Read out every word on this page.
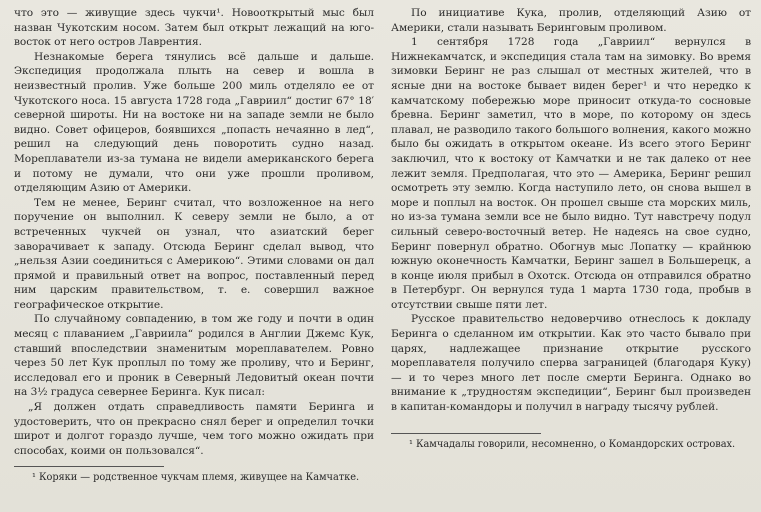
что это — живущие здесь чукчи¹. Новооткрытый мыс был назван Чукотским носом. Затем был открыт лежащий на юго-восток от него остров Лаврентия.

Незнакомые берега тянулись всё дальше и дальше. Экспедиция продолжала плыть на север и вошла в неизвестный пролив. Уже больше 200 миль отделяло ее от Чукотского носа. 15 августа 1728 года „Гавриил“ достиг 67° 18′ северной широты. Ни на востоке ни на западе земли не было видно. Совет офицеров, боявшихся „попасть нечаянно в лед“, решил на следующий день поворотить судно назад. Мореплаватели из-за тумана не видели американского берега и потому не думали, что они уже прошли проливом, отделяющим Азию от Америки.

Тем не менее, Беринг считал, что возложенное на него поручение он выполнил. К северу земли не было, а от встреченных чукчей он узнал, что азиатский берег заворачивает к западу. Отсюда Беринг сделал вывод, что „нельзя Азии соединиться с Америкою“. Этими словами он дал прямой и правильный ответ на вопрос, поставленный перед ним царским правительством, т. е. совершил важное географическое открытие.

По случайному совпадению, в том же году и почти в один месяц с плаванием „Гавриила“ родился в Англии Джемс Кук, ставший впоследствии знаменитым мореплавателем. Ровно через 50 лет Кук проплыл по тому же проливу, что и Беринг, исследовал его и проник в Северный Ледовитый океан почти на 3½ градуса севернее Беринга. Кук писал:

„Я должен отдать справедливость памяти Беринга и удостоверить, что он прекрасно снял берег и определил точки широт и долгот гораздо лучше, чем того можно ожидать при способах, коими он пользовался“.

¹ Коряки — родственное чукчам племя, живущее на Камчатке.

По инициативе Кука, пролив, отделяющий Азию от Америки, стали называть Беринговым проливом.

1 сентября 1728 года „Гавриил“ вернулся в Нижнекамчатск, и экспедиция стала там на зимовку. Во время зимовки Беринг не раз слышал от местных жителей, что в ясные дни на востоке бывает виден берег¹ и что нередко к камчатскому побережью море приносит откуда-то сосновые бревна. Беринг заметил, что в море, по которому он здесь плавал, не разводило такого большого волнения, какого можно было бы ожидать в открытом океане. Из всего этого Беринг заключил, что к востоку от Камчатки и не так далеко от нее лежит земля. Предполагая, что это — Америка, Беринг решил осмотреть эту землю. Когда наступило лето, он снова вышел в море и поплыл на восток. Он прошел свыше ста морских миль, но из-за тумана земли все не было видно. Тут навстречу подул сильный северо-восточный ветер. Не надеясь на свое судно, Беринг повернул обратно. Обогнув мыс Лопатку — крайнюю южную оконечность Камчатки, Беринг зашел в Большерецк, а в конце июля прибыл в Охотск. Отсюда он отправился обратно в Петербург. Он вернулся туда 1 марта 1730 года, пробыв в отсутствии свыше пяти лет.

Русское правительство недоверчиво отнеслось к докладу Беринга о сделанном им открытии. Как это часто бывало при царях, надлежащее признание открытие русского мореплавателя получило сперва заграницей (благодаря Куку) — и то через много лет после смерти Беринга. Однако во внимание к „трудностям экспедиции“, Беринг был произведен в капитан-командоры и получил в награду тысячу рублей.

¹ Камчадалы говорили, несомненно, о Командорских островах.
